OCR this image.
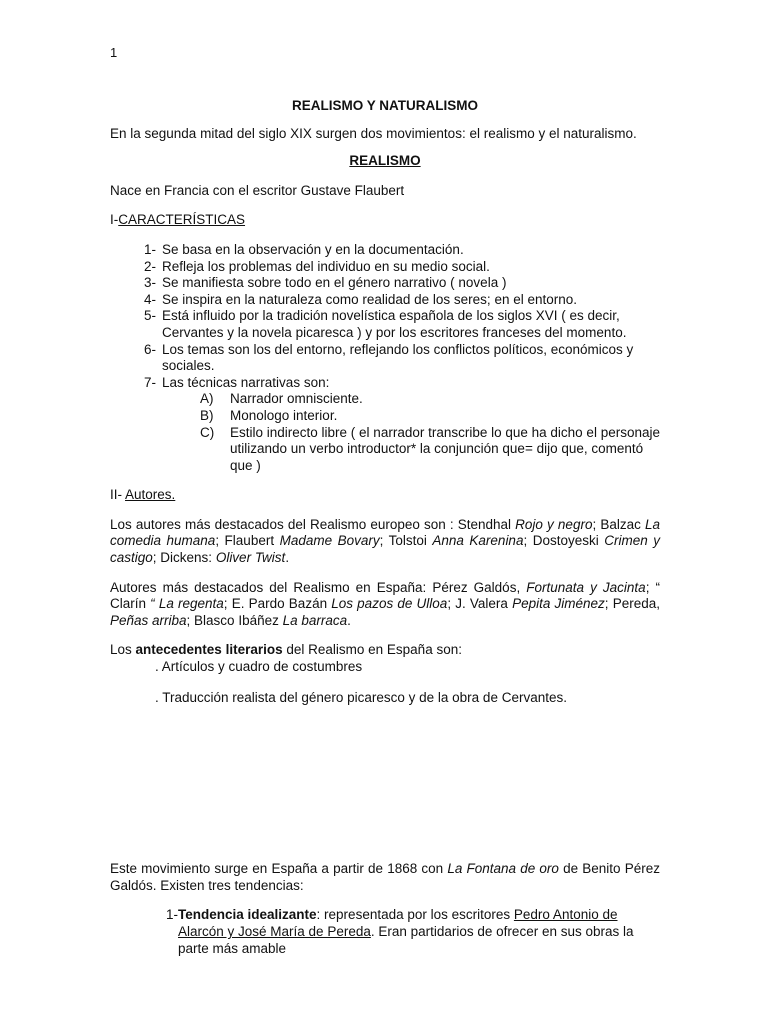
1

REALISMO Y NATURALISMO

En la segunda mitad del siglo XIX surgen dos movimientos: el realismo y el naturalismo.

REALISMO

Nace en Francia con el escritor Gustave Flaubert

I-CARACTERÍSTICAS

1- Se basa en la observación y en la documentación.
2- Refleja los problemas del individuo en su medio social.
3- Se manifiesta sobre todo en el género narrativo ( novela )
4- Se inspira en la naturaleza como realidad de los seres; en el entorno.
5- Está influido por la tradición novelística española de los siglos XVI ( es decir, Cervantes y la novela picaresca ) y por los escritores franceses del momento.
6- Los temas son los del entorno, reflejando los conflictos políticos, económicos y sociales.
7- Las técnicas narrativas son:
A)	Narrador omnisciente.
B)	Monologo interior.
C)	Estilo indirecto libre ( el narrador transcribe lo que ha dicho el personaje utilizando un verbo introductor* la conjunción que= dijo que, comentó que )

II- Autores.

Los autores más destacados del Realismo europeo son : Stendhal Rojo y negro; Balzac La comedia humana; Flaubert Madame Bovary; Tolstoi Anna Karenina; Dostoyeski Crimen y castigo; Dickens: Oliver Twist.

Autores más destacados del Realismo en España: Pérez Galdós, Fortunata y Jacinta; “ Clarín “ La regenta; E. Pardo Bazán Los pazos de Ulloa; J. Valera Pepita Jiménez; Pereda, Peñas arriba; Blasco Ibáñez La barraca.

Los antecedentes literarios del Realismo en España son:

. Artículos y cuadro de costumbres

. Traducción realista del género picaresco y de la obra de Cervantes.

Este movimiento surge en España a partir de 1868 con La Fontana de oro de Benito Pérez Galdós. Existen tres tendencias:

1- Tendencia idealizante: representada por los escritores Pedro Antonio de Alarcón y José María de Pereda. Eran partidarios de ofrecer en sus obras la parte más amable
